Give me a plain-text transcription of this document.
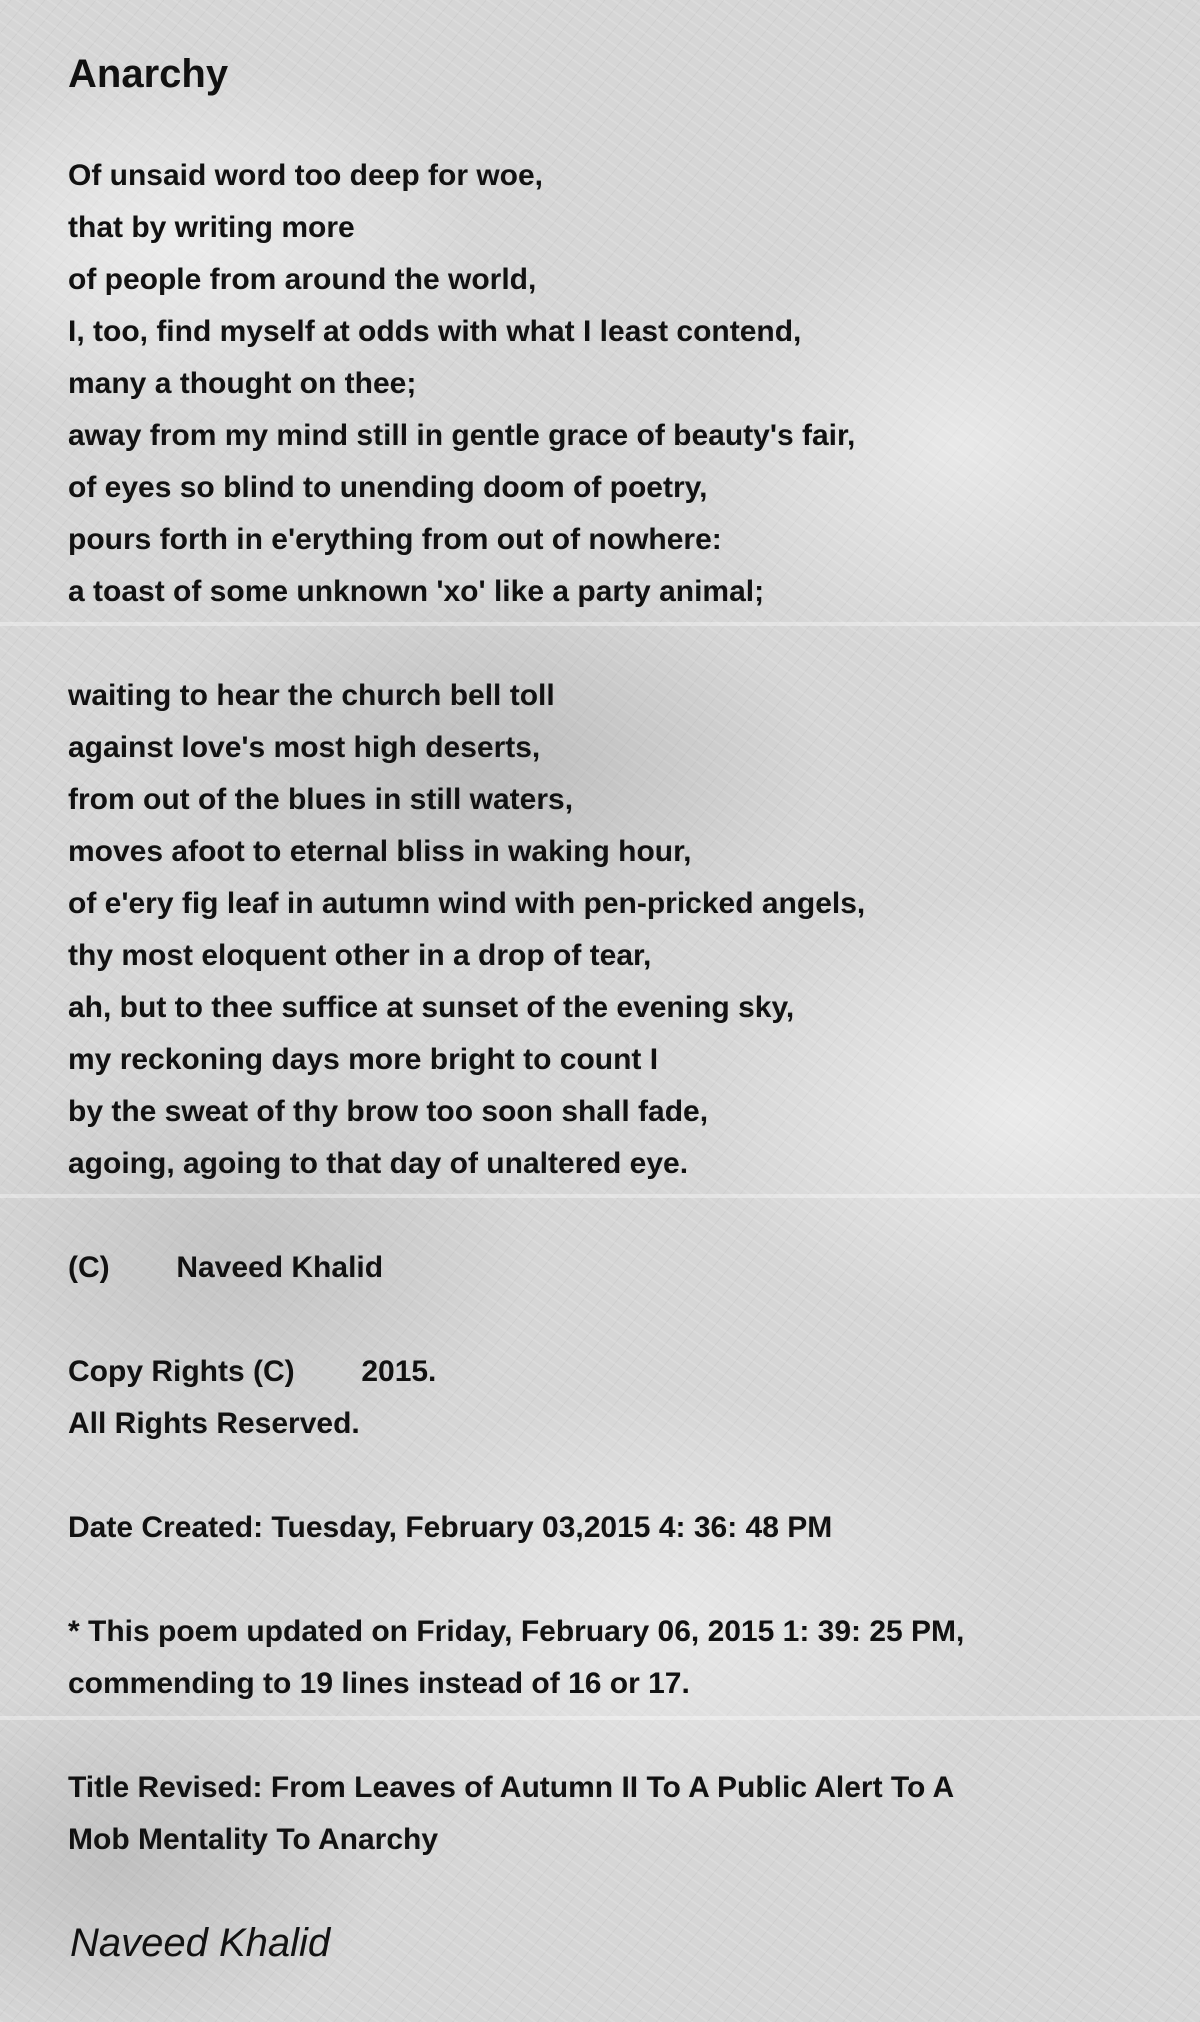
Anarchy
Of unsaid word too deep for woe,
that by writing more
of people from around the world,
I, too, find myself at odds with what I least contend,
many a thought on thee;
away from my mind still in gentle grace of beauty's fair,
of eyes so blind to unending doom of poetry,
pours forth in e'erything from out of nowhere:
a toast of some unknown 'xo' like a party animal;
waiting to hear the church bell toll
against love's most high deserts,
from out of the blues in still waters,
moves afoot to eternal bliss in waking hour,
of e'ery fig leaf in autumn wind with pen-pricked angels,
thy most eloquent other in a drop of tear,
ah, but to thee suffice at sunset of the evening sky,
my reckoning days more bright to count I
by the sweat of thy brow too soon shall fade,
agoing, agoing to that day of unaltered eye.
(C)        Naveed Khalid
Copy Rights (C)        2015.
All Rights Reserved.
Date Created: Tuesday, February 03,2015 4: 36: 48 PM
* This poem updated on Friday, February 06, 2015 1: 39: 25 PM,
commending to 19 lines instead of 16 or 17.
Title Revised: From Leaves of Autumn II To A Public Alert To A
Mob Mentality To Anarchy
Naveed Khalid
